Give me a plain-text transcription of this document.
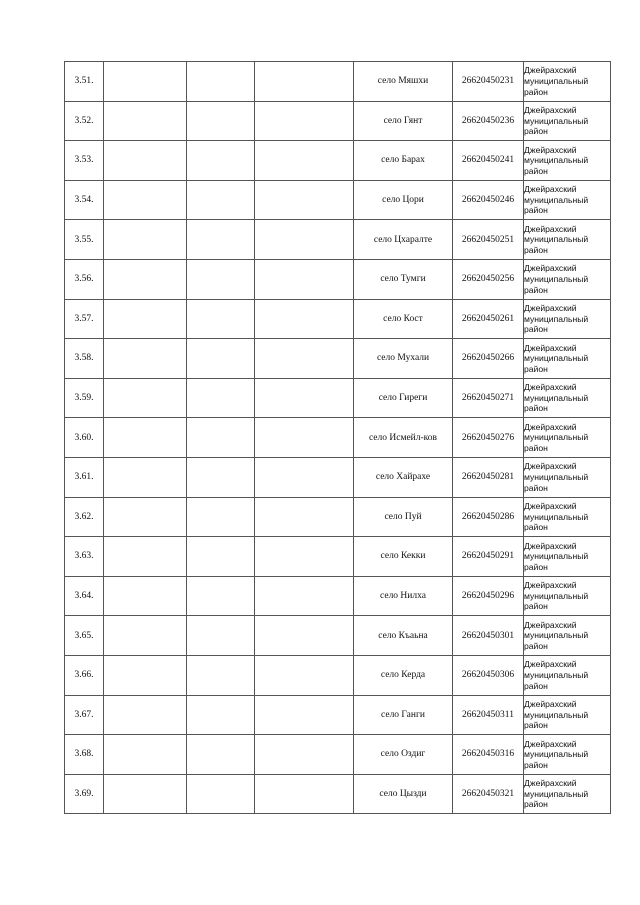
3.51.				село Мяшхи	26620450231	Джейрахский
муниципальный
район

3.52.				село Гянт	26620450236	Джейрахский
муниципальный
район

3.53.				село Барах	26620450241	Джейрахский
муниципальный
район

3.54.				село Цори	26620450246	Джейрахский
муниципальный
район

3.55.				село Цхаралте	26620450251	Джейрахский
муниципальный
район

3.56.				село Тумги	26620450256	Джейрахский
муниципальный
район

3.57.				село Кост	26620450261	Джейрахский
муниципальный
район

3.58.				село Мухали	26620450266	Джейрахский
муниципальный
район

3.59.				село Гиреги	26620450271	Джейрахский
муниципальный
район

3.60.				село Исмейл-ков	26620450276	Джейрахский
муниципальный
район

3.61.				село Хайрахе	26620450281	Джейрахский
муниципальный
район

3.62.				село Пуй	26620450286	Джейрахский
муниципальный
район

3.63.				село Кекки	26620450291	Джейрахский
муниципальный
район

3.64.				село Нилха	26620450296	Джейрахский
муниципальный
район

3.65.				село Къаьна	26620450301	Джейрахский
муниципальный
район

3.66.				село Керда	26620450306	Джейрахский
муниципальный
район

3.67.				село Ганги	26620450311	Джейрахский
муниципальный
район

3.68.				село Оздиг	26620450316	Джейрахский
муниципальный
район

3.69.				село Цызди	26620450321	Джейрахский
муниципальный
район
